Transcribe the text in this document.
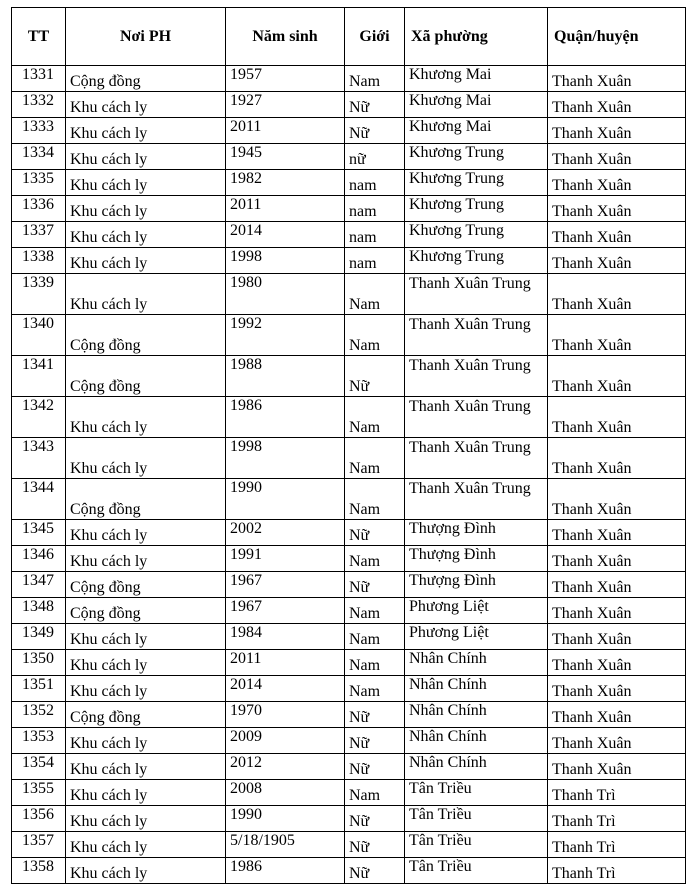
TT	Nơi PH	Năm sinh	Giới	Xã phường	Quận/huyện
1331	Cộng đồng	1957	Nam	Khương Mai	Thanh Xuân
1332	Khu cách ly	1927	Nữ	Khương Mai	Thanh Xuân
1333	Khu cách ly	2011	Nữ	Khương Mai	Thanh Xuân
1334	Khu cách ly	1945	nữ	Khương Trung	Thanh Xuân
1335	Khu cách ly	1982	nam	Khương Trung	Thanh Xuân
1336	Khu cách ly	2011	nam	Khương Trung	Thanh Xuân
1337	Khu cách ly	2014	nam	Khương Trung	Thanh Xuân
1338	Khu cách ly	1998	nam	Khương Trung	Thanh Xuân
1339	Khu cách ly	1980	Nam	Thanh Xuân Trung	Thanh Xuân
1340	Cộng đồng	1992	Nam	Thanh Xuân Trung	Thanh Xuân
1341	Cộng đồng	1988	Nữ	Thanh Xuân Trung	Thanh Xuân
1342	Khu cách ly	1986	Nam	Thanh Xuân Trung	Thanh Xuân
1343	Khu cách ly	1998	Nam	Thanh Xuân Trung	Thanh Xuân
1344	Cộng đồng	1990	Nam	Thanh Xuân Trung	Thanh Xuân
1345	Khu cách ly	2002	Nữ	Thượng Đình	Thanh Xuân
1346	Khu cách ly	1991	Nam	Thượng Đình	Thanh Xuân
1347	Cộng đồng	1967	Nữ	Thượng Đình	Thanh Xuân
1348	Cộng đồng	1967	Nam	Phương Liệt	Thanh Xuân
1349	Khu cách ly	1984	Nam	Phương Liệt	Thanh Xuân
1350	Khu cách ly	2011	Nam	Nhân Chính	Thanh Xuân
1351	Khu cách ly	2014	Nam	Nhân Chính	Thanh Xuân
1352	Cộng đồng	1970	Nữ	Nhân Chính	Thanh Xuân
1353	Khu cách ly	2009	Nữ	Nhân Chính	Thanh Xuân
1354	Khu cách ly	2012	Nữ	Nhân Chính	Thanh Xuân
1355	Khu cách ly	2008	Nam	Tân Triều	Thanh Trì
1356	Khu cách ly	1990	Nữ	Tân Triều	Thanh Trì
1357	Khu cách ly	5/18/1905	Nữ	Tân Triều	Thanh Trì
1358	Khu cách ly	1986	Nữ	Tân Triều	Thanh Trì
